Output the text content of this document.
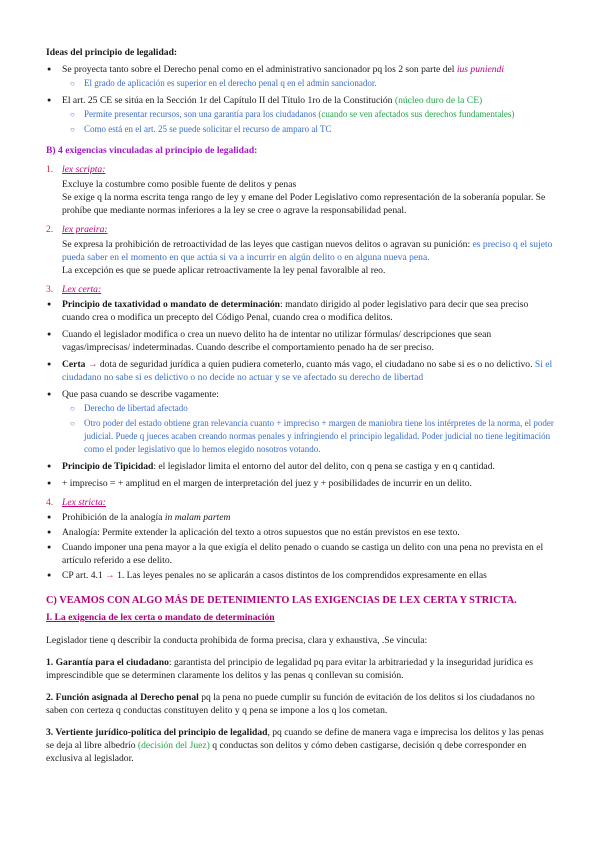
Ideas del principio de legalidad:

● Se proyecta tanto sobre el Derecho penal como en el administrativo sancionador pq los 2 son parte del ius puniendi
○ El grado de aplicación es superior en el derecho penal q en el admin sancionador.
● El art. 25 CE se sitúa en la Sección 1r del Capítulo II del Título 1ro de la Constitución (núcleo duro de la CE)
○ Permite presentar recursos, son una garantía para los ciudadanos (cuando se ven afectados sus derechos fundamentales)
○ Como está en el art. 25 se puede solicitar el recurso de amparo al TC

B) 4 exigencias vinculadas al principio de legalidad:

1. lex scripta:

Excluye la costumbre como posible fuente de delitos y penas

Se exige q la norma escrita tenga rango de ley y emane del Poder Legislativo como representación de la soberanía popular. Se prohíbe que mediante normas inferiores a la ley se cree o agrave la responsabilidad penal.

2. lex praeira:

Se expresa la prohibición de retroactividad de las leyes que castigan nuevos delitos o agravan su punición: es preciso q el sujeto pueda saber en el momento en que actúa si va a incurrir en algún delito o en alguna nueva pena.

La excepción es que se puede aplicar retroactivamente la ley penal favoralble al reo.

3. Lex certa:

● Principio de taxatividad o mandato de determinación: mandato dirigido al poder legislativo para decir que sea preciso cuando crea o modifica un precepto del Código Penal, cuando crea o modifica delitos.
● Cuando el legislador modifica o crea un nuevo delito ha de intentar no utilizar fórmulas/ descripciones que sean vagas/imprecisas/ indeterminadas. Cuando describe el comportamiento penado ha de ser preciso.
● Certa → dota de seguridad jurídica a quien pudiera cometerlo, cuanto más vago, el ciudadano no sabe si es o no delictivo. Si el ciudadano no sabe si es delictivo o no decide no actuar y se ve afectado su derecho de libertad
● Que pasa cuando se describe vagamente:
○ Derecho de libertad afectado
○ Otro poder del estado obtiene gran relevancia cuanto + impreciso + margen de maniobra tiene los intérpretes de la norma, el poder judicial. Puede q jueces acaben creando normas penales y infringiendo el principio legalidad. Poder judicial no tiene legitimación como el poder legislativo que lo hemos elegido nosotros votando.
● Principio de Tipicidad: el legislador limita el entorno del autor del delito, con q pena se castiga y en q cantidad.
● + impreciso = + amplitud en el margen de interpretación del juez y + posibilidades de incurrir en un delito.

4. Lex stricta:

● Prohibición de la analogía in malam partem
● Analogía: Permite extender la aplicación del texto a otros supuestos que no están previstos en ese texto.
● Cuando imponer una pena mayor a la que exigía el delito penado o cuando se castiga un delito con una pena no prevista en el artículo referido a ese delito.
● CP art. 4.1 → 1. Las leyes penales no se aplicarán a casos distintos de los comprendidos expresamente en ellas

C) VEAMOS CON ALGO MÁS DE DETENIMIENTO LAS EXIGENCIAS DE LEX CERTA Y STRICTA.

I. La exigencia de lex certa o mandato de determinación

Legislador tiene q describir la conducta prohibida de forma precisa, clara y exhaustiva, .Se vincula:

1. Garantía para el ciudadano: garantista del principio de legalidad pq para evitar la arbitrariedad y la inseguridad jurídica es imprescindible que se determinen claramente los delitos y las penas q conllevan su comisión.

2. Función asignada al Derecho penal pq la pena no puede cumplir su función de evitación de los delitos si los ciudadanos no saben con certeza q conductas constituyen delito y q pena se impone a los q los cometan.

3. Vertiente jurídico-política del principio de legalidad, pq cuando se define de manera vaga e imprecisa los delitos y las penas se deja al libre albedrío (decisión del Juez) q conductas son delitos y cómo deben castigarse, decisión q debe corresponder en exclusiva al legislador.
